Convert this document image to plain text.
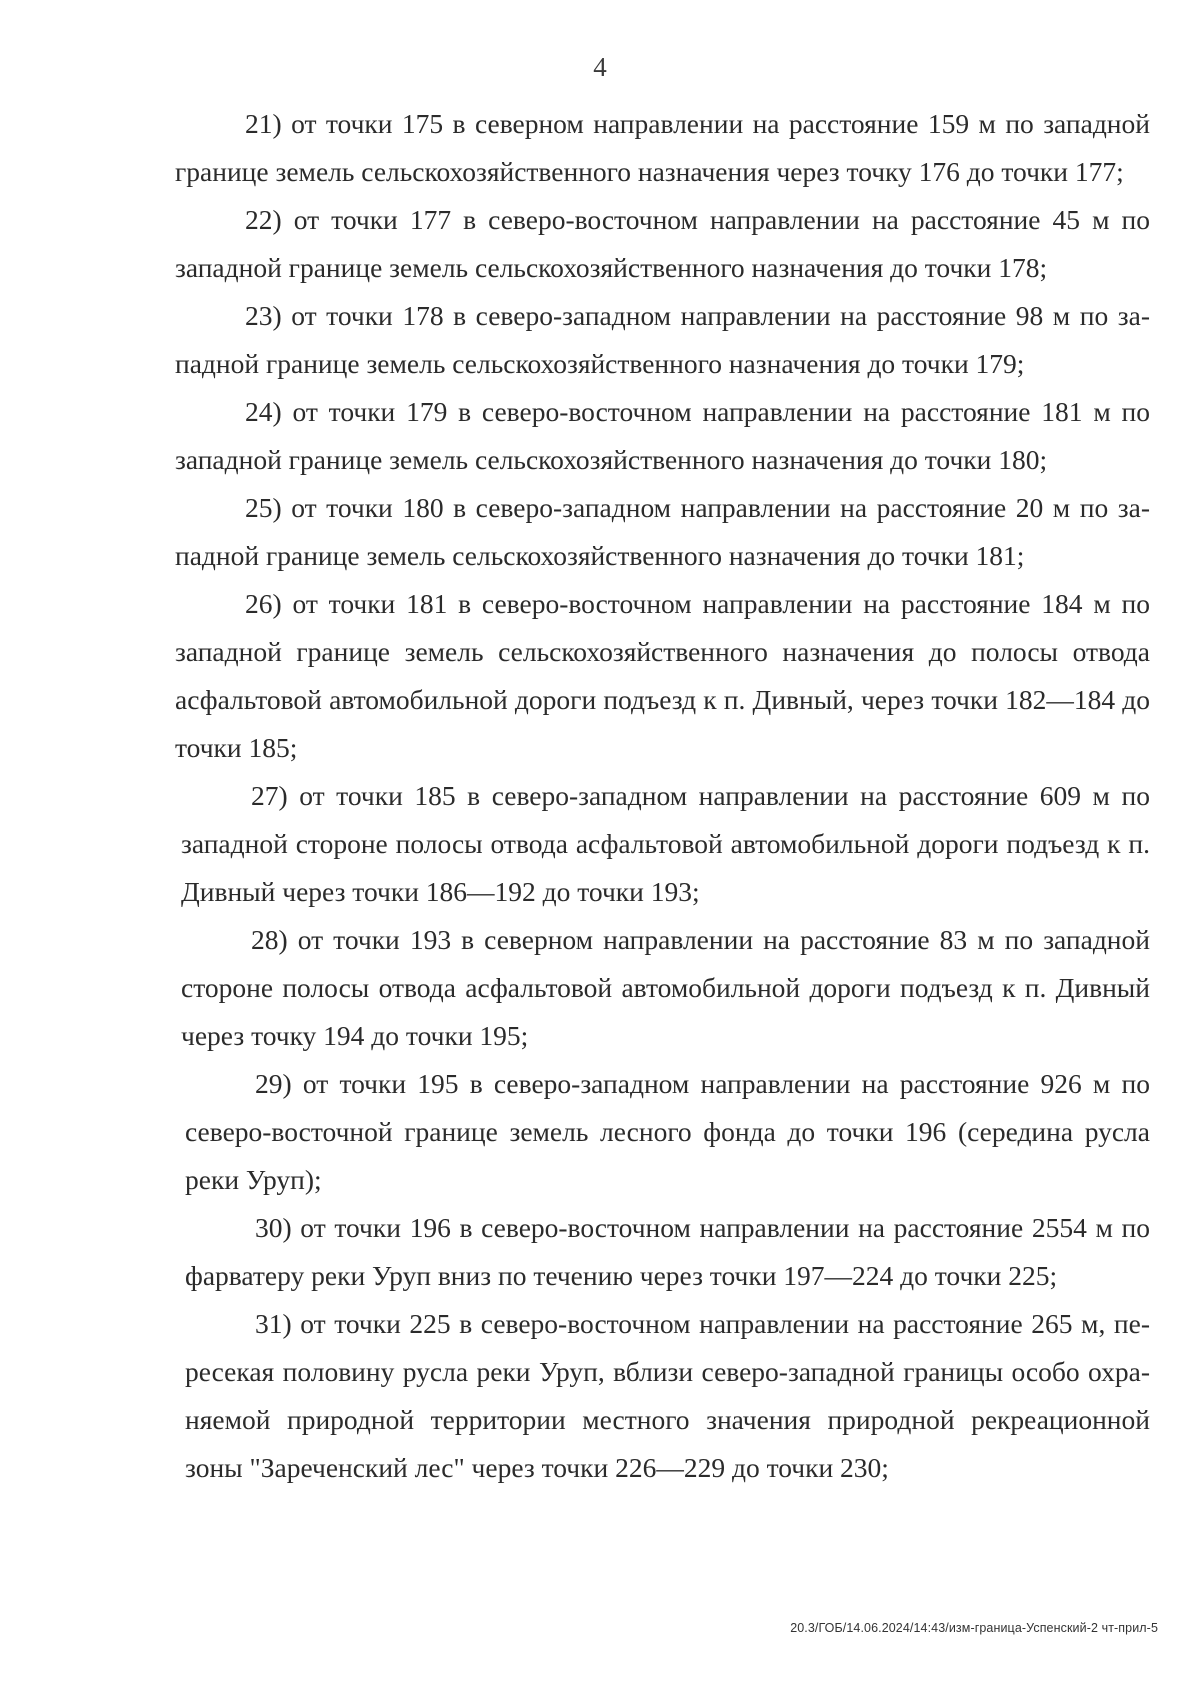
4

21) от точки 175 в северном направлении на расстояние 159 м по западной границе земель сельскохозяйственного назначения через точку 176 до точки 177;

22) от точки 177 в северо-восточном направлении на расстояние 45 м по западной границе земель сельскохозяйственного назначения до точки 178;

23) от точки 178 в северо-западном направлении на расстояние 98 м по западной границе земель сельскохозяйственного назначения до точки 179;

24) от точки 179 в северо-восточном направлении на расстояние 181 м по западной границе земель сельскохозяйственного назначения до точки 180;

25) от точки 180 в северо-западном направлении на расстояние 20 м по западной границе земель сельскохозяйственного назначения до точки 181;

26) от точки 181 в северо-восточном направлении на расстояние 184 м по западной границе земель сельскохозяйственного назначения до полосы отвода асфальтовой автомобильной дороги подъезд к п. Дивный, через точки 182—184 до точки 185;

27) от точки 185 в северо-западном направлении на расстояние 609 м по западной стороне полосы отвода асфальтовой автомобильной дороги подъезд к п. Дивный через точки 186—192 до точки 193;

28) от точки 193 в северном направлении на расстояние 83 м по западной стороне полосы отвода асфальтовой автомобильной дороги подъезд к п. Дивный через точку 194 до точки 195;

29) от точки 195 в северо-западном направлении на расстояние 926 м по северо-восточной границе земель лесного фонда до точки 196 (середина русла реки Уруп);

30) от точки 196 в северо-восточном направлении на расстояние 2554 м по фарватеру реки Уруп вниз по течению через точки 197—224 до точки 225;

31) от точки 225 в северо-восточном направлении на расстояние 265 м, пересекая половину русла реки Уруп, вблизи северо-западной границы особо охраняемой природной территории местного значения природной рекреационной зоны "Зареченский лес" через точки 226—229 до точки 230;

20.3/ГОБ/14.06.2024/14:43/изм-граница-Успенский-2 чт-прил-5
